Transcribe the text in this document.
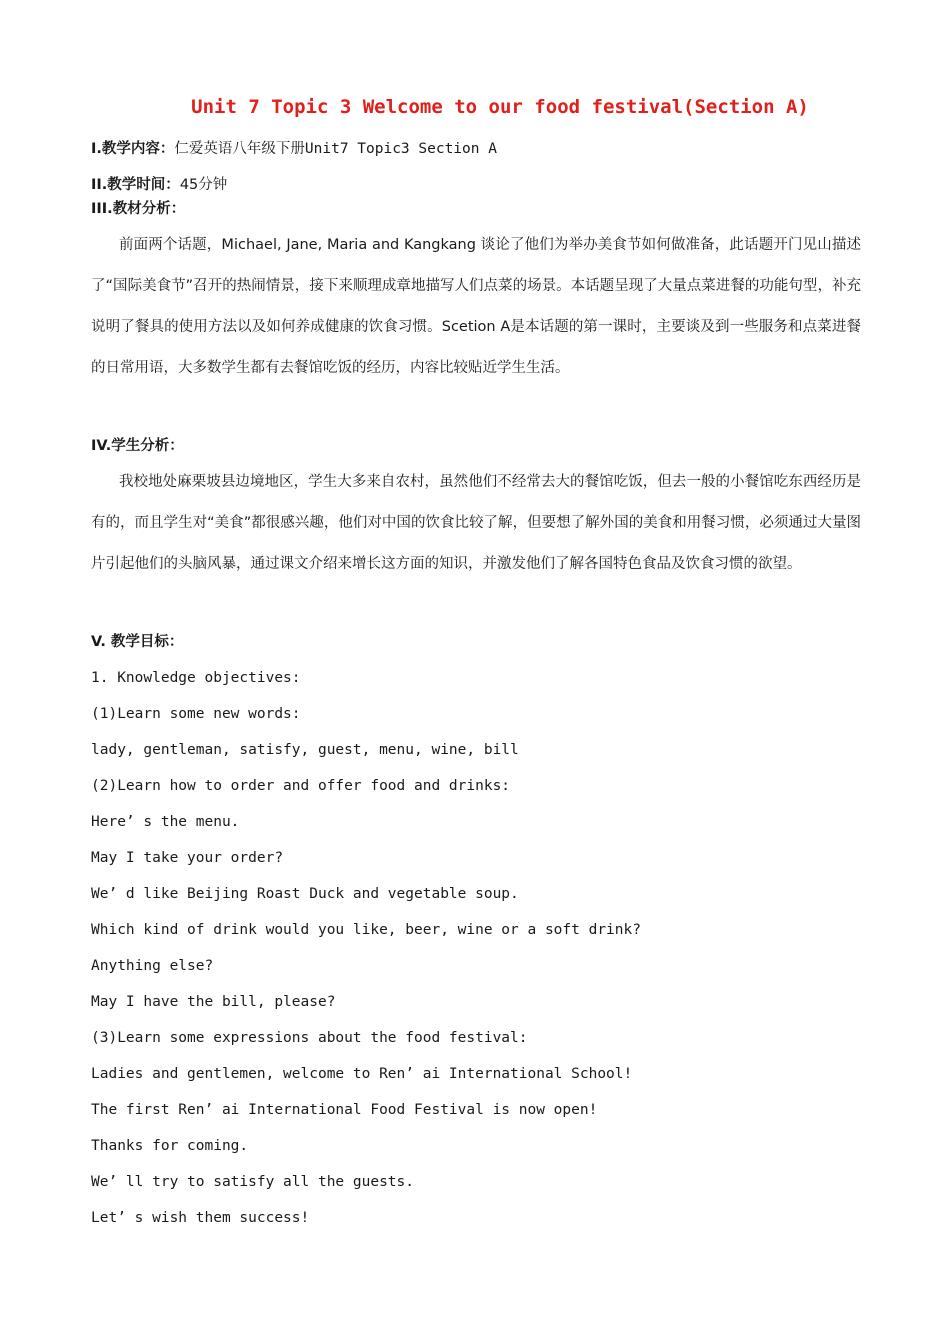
Unit 7 Topic 3 Welcome to our food festival(Section A)
I.教学内容：仁爱英语八年级下册Unit7 Topic3 Section A
II.教学时间：45分钟
III.教材分析：
前面两个话题，Michael, Jane, Maria and Kangkang 谈论了他们为举办美食节如何做准备，此话题开门见山描述了“国际美食节”召开的热闹情景，接下来顺理成章地描写人们点菜的场景。本话题呈现了大量点菜进餐的功能句型，补充说明了餐具的使用方法以及如何养成健康的饮食习惯。Scetion A是本话题的第一课时，主要谈及到一些服务和点菜进餐的日常用语，大多数学生都有去餐馆吃饭的经历，内容比较贴近学生生活。
IV.学生分析：
我校地处麻栗坡县边境地区，学生大多来自农村，虽然他们不经常去大的餐馆吃饭，但去一般的小餐馆吃东西经历是有的，而且学生对“美食”都很感兴趣，他们对中国的饮食比较了解，但要想了解外国的美食和用餐习惯，必须通过大量图片引起他们的头脑风暴，通过课文介绍来增长这方面的知识，并激发他们了解各国特色食品及饮食习惯的欲望。
V. 教学目标：
1. Knowledge objectives:
(1)Learn some new words:
lady, gentleman, satisfy, guest, menu, wine, bill
(2)Learn how to order and offer food and drinks:
Here’ s the menu.
May I take your order?
We’ d like Beijing Roast Duck and vegetable soup.
Which kind of drink would you like, beer, wine or a soft drink?
Anything else?
May I have the bill, please?
(3)Learn some expressions about the food festival:
Ladies and gentlemen, welcome to Ren’ ai International School!
The first Ren’ ai International Food Festival is now open!
Thanks for coming.
We’ ll try to satisfy all the guests.
Let’ s wish them success!
